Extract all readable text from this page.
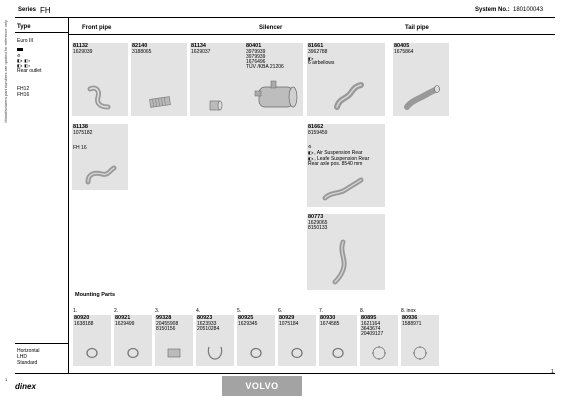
Series FH	System No.: 180100043
Manufacturers part numbers are quoted for reference only Type
Euro III
⚙
◧◐ ◧◐
◧◐ ◧◐
Rear outlet
FH12
FH16
Horizontal
LHD
Standard
Front pipe	Silencer	Tail pipe
Mounting Parts
81132
1629039
82140
3188065
81134
1629037
80401
3979939
3979939
1676496
TÜV /KBA 21206
81661
3962788
◧◐
6 airbellows
80405
1675864
81138
1075182
FH 16
81662
8159459
⚙
◧◐, Air Suspension Rear
◧◐, Leafe Suspension Rear
Rear axle pos. 8540 mm
80773
1629065
8150133
1.
80920
1638188
2.
80921
1629499
3.
99328
20455908
8150156
4.
80923
1623933
20510284
5.
80925
1629345
6.
80929
1075184
7.
80930
1674585
8.
80895
1621164
3643674
20409127
8. inox
80936
1588971
1
dinex	VOLVO
1
